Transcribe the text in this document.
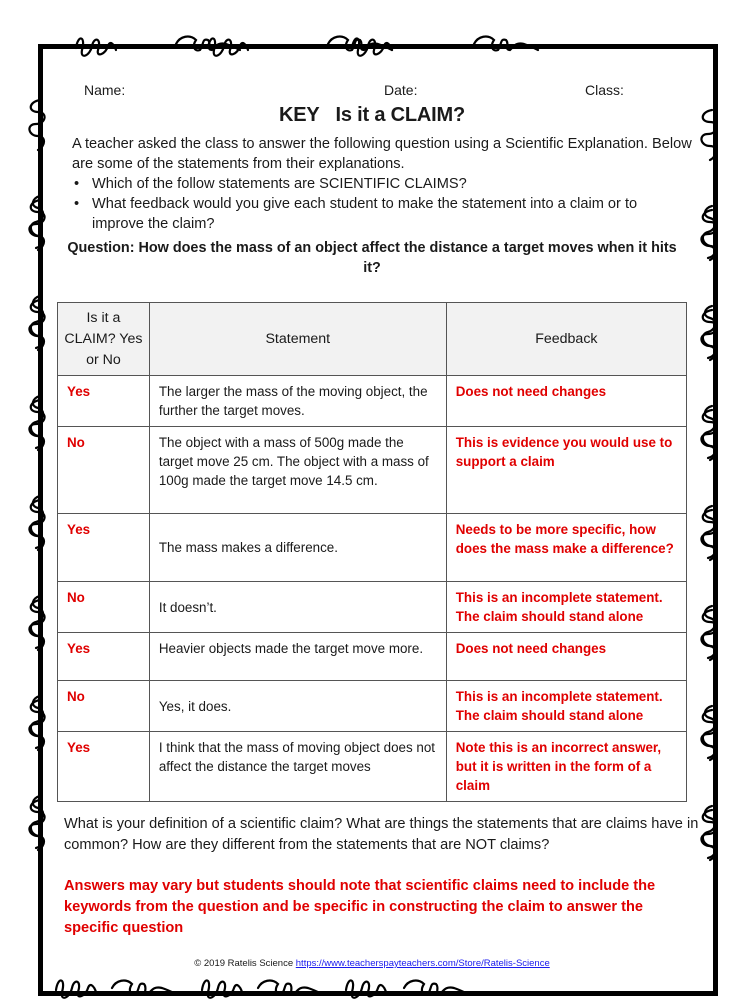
Name:	Date:	Class:
KEY Is it a CLAIM?

A teacher asked the class to answer the following question using a Scientific Explanation. Below are some of the statements from their explanations.

• Which of the follow statements are SCIENTIFIC CLAIMS?
• What feedback would you give each student to make the statement into a claim or to improve the claim?
Question: How does the mass of an object affect the distance a target moves when it hits it?
Is it a CLAIM? Yes or No	Statement	Feedback
Yes	The larger the mass of the moving object, the further the target moves.	Does not need changes
No	The object with a mass of 500g made the target move 25 cm. The object with a mass of 100g made the target move 14.5 cm.	This is evidence you would use to support a claim
Yes	The mass makes a difference.	Needs to be more specific, how does the mass make a difference?
No	It doesn’t.	This is an incomplete statement. The claim should stand alone
Yes	Heavier objects made the target move more.	Does not need changes
No	Yes, it does.	This is an incomplete statement. The claim should stand alone
Yes	I think that the mass of moving object does not affect the distance the target moves	Note this is an incorrect answer, but it is written in the form of a claim
What is your definition of a scientific claim? What are things the statements that are claims have in common? How are they different from the statements that are NOT claims?
Answers may vary but students should note that scientific claims need to include the keywords from the question and be specific in constructing the claim to answer the specific question
© 2019 Ratelis Science https://www.teacherspayteachers.com/Store/Ratelis-Science
